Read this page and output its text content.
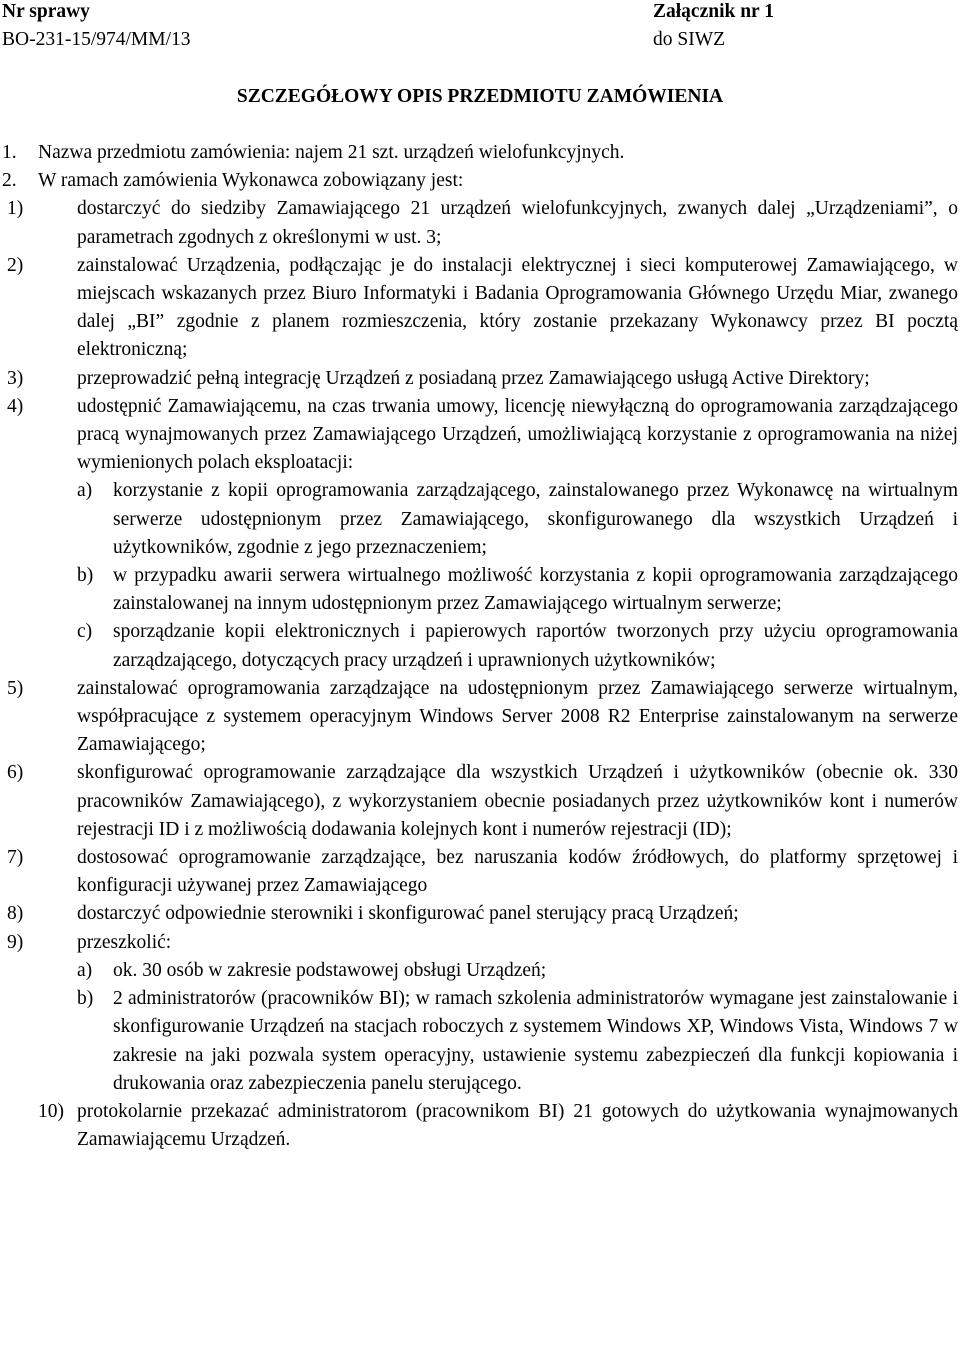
Nr sprawy
BO-231-15/974/MM/13
Załącznik nr 1
do SIWZ
SZCZEGÓŁOWY OPIS PRZEDMIOTU ZAMÓWIENIA
1. Nazwa przedmiotu zamówienia: najem 21 szt. urządzeń wielofunkcyjnych.
2. W ramach zamówienia Wykonawca zobowiązany jest:
1)	dostarczyć do siedziby Zamawiającego 21 urządzeń wielofunkcyjnych, zwanych dalej „Urządzeniami”, o parametrach zgodnych z określonymi w ust. 3;
2)	zainstalować Urządzenia, podłączając je do instalacji elektrycznej i sieci komputerowej Zamawiającego, w miejscach wskazanych przez Biuro Informatyki i Badania Oprogramowania Głównego Urzędu Miar, zwanego dalej „BI” zgodnie z planem rozmieszczenia, który zostanie przekazany Wykonawcy przez BI pocztą elektroniczną;
3)	przeprowadzić pełną integrację Urządzeń z posiadaną przez Zamawiającego usługą Active Direktory;
4)	udostępnić Zamawiającemu, na czas trwania umowy, licencję niewyłączną do oprogramowania zarządzającego pracą wynajmowanych przez Zamawiającego Urządzeń, umożliwiającą korzystanie z oprogramowania na niżej wymienionych polach eksploatacji:
a) korzystanie z kopii oprogramowania zarządzającego, zainstalowanego przez Wykonawcę na wirtualnym serwerze udostępnionym przez Zamawiającego, skonfigurowanego dla wszystkich Urządzeń i użytkowników, zgodnie z jego przeznaczeniem;
b) w przypadku awarii serwera wirtualnego możliwość korzystania z kopii oprogramowania zarządzającego zainstalowanej na innym udostępnionym przez Zamawiającego wirtualnym serwerze;
c) sporządzanie kopii elektronicznych i papierowych raportów tworzonych przy użyciu oprogramowania zarządzającego, dotyczących pracy urządzeń i uprawnionych użytkowników;
5)	zainstalować oprogramowania zarządzające na udostępnionym przez Zamawiającego serwerze wirtualnym, współpracujące z systemem operacyjnym Windows Server 2008 R2 Enterprise zainstalowanym na serwerze Zamawiającego;
6)	skonfigurować oprogramowanie zarządzające dla wszystkich Urządzeń i użytkowników (obecnie ok. 330 pracowników Zamawiającego), z wykorzystaniem obecnie posiadanych przez użytkowników kont i numerów rejestracji ID i z możliwością dodawania kolejnych kont i numerów rejestracji (ID);
7)	dostosować oprogramowanie zarządzające, bez naruszania kodów źródłowych, do platformy sprzętowej i konfiguracji używanej przez Zamawiającego
8)	dostarczyć odpowiednie sterowniki i skonfigurować panel sterujący pracą Urządzeń;
9)	przeszkolić:
a) ok. 30 osób w zakresie podstawowej obsługi Urządzeń;
b) 2 administratorów (pracowników BI); w ramach szkolenia administratorów wymagane jest zainstalowanie i skonfigurowanie Urządzeń na stacjach roboczych z systemem Windows XP, Windows Vista, Windows 7 w zakresie na jaki pozwala system operacyjny, ustawienie systemu zabezpieczeń dla funkcji kopiowania i drukowania oraz zabezpieczenia panelu sterującego.
10) protokolarnie przekazać administratorom (pracownikom BI) 21 gotowych do użytkowania wynajmowanych Zamawiającemu Urządzeń.
